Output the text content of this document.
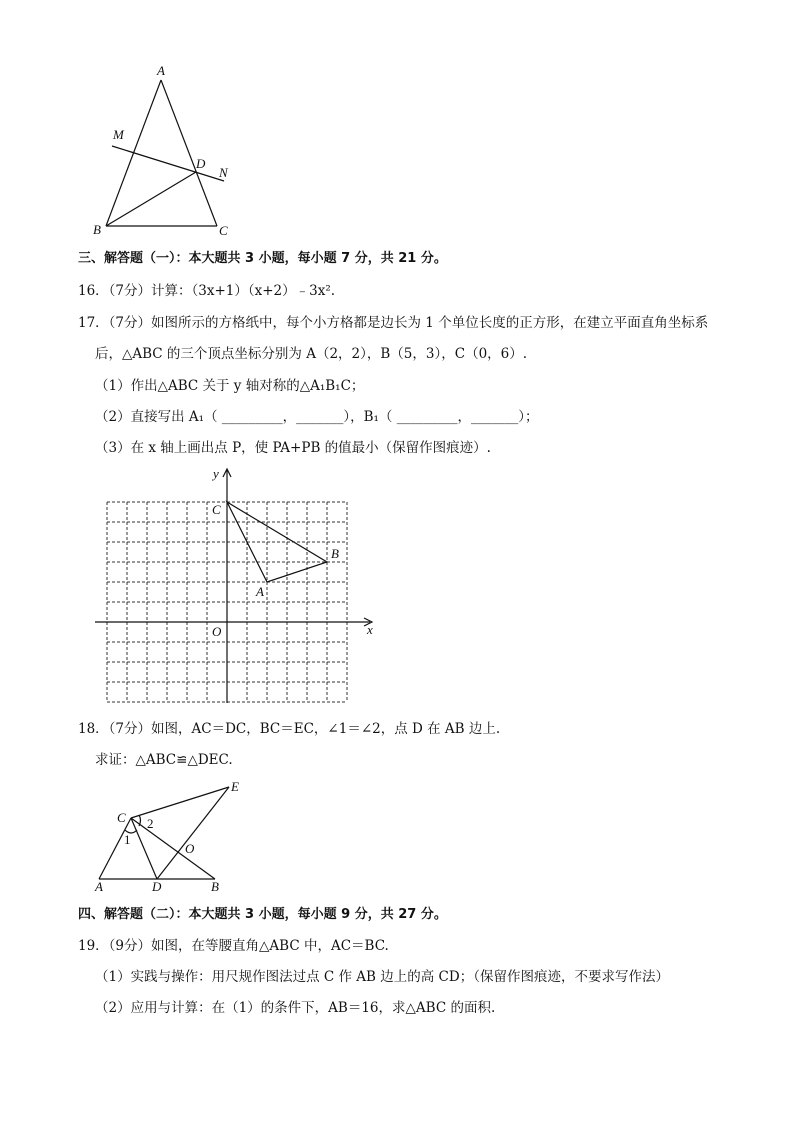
A
M
D
N
B	C
三、解答题（一）：本大题共 3 小题，每小题 7 分，共 21 分。
16．（7分）计算：（3x+1）（x+2）﹣3x².
17．（7分）如图所示的方格纸中，每个小方格都是边长为 1 个单位长度的正方形，在建立平面直角坐标系
后，△ABC 的三个顶点坐标分别为 A（2，2），B（5，3），C（0，6）.
（1）作出△ABC 关于 y 轴对称的△A₁B₁C；
（2）直接写出 A₁（ _________，_______），B₁（ _________，_______）；
（3）在 x 轴上画出点 P，使 PA+PB 的值最小（保留作图痕迹）.
y
x
O
C
B
A
18．（7分）如图，AC＝DC，BC＝EC，∠1＝∠2，点 D 在 AB 边上.
求证：△ABC≌△DEC.
C
E
2
1
O
A	D	B
四、解答题（二）：本大题共 3 小题，每小题 9 分，共 27 分。
19．（9分）如图，在等腰直角△ABC 中，AC＝BC.
（1）实践与操作：用尺规作图法过点 C 作 AB 边上的高 CD；（保留作图痕迹，不要求写作法）
（2）应用与计算：在（1）的条件下，AB＝16，求△ABC 的面积.
